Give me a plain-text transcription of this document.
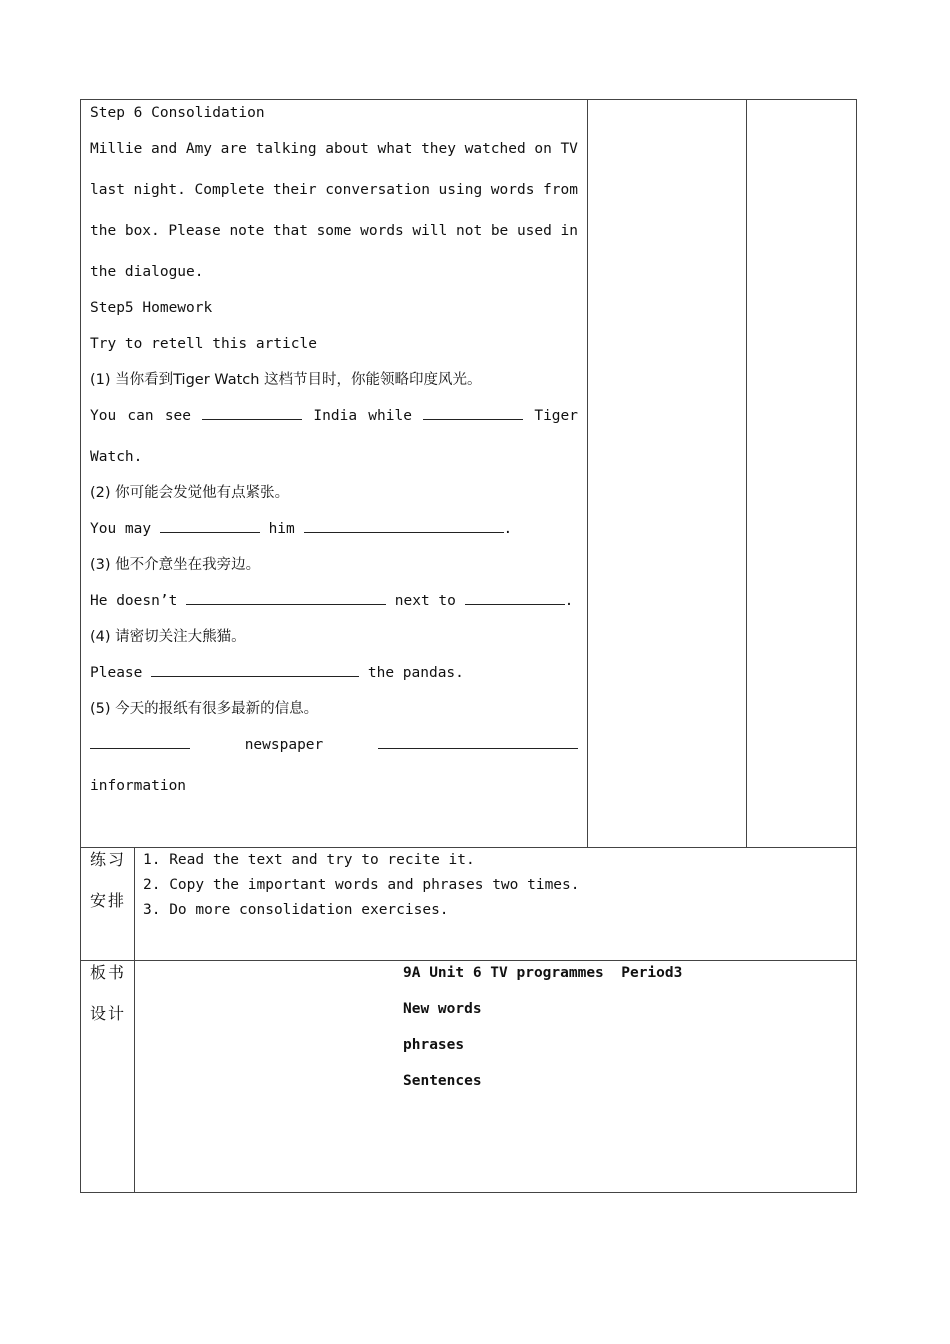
Step 6 Consolidation
Millie and Amy are talking about what they watched on TV
last night. Complete their conversation using words from
the box. Please note that some words will not be used in
the dialogue.
Step5 Homework
Try to retell this article
(1) 当你看到Tiger Watch 这档节目时，你能领略印度风光。
You can see	India while	Tiger
Watch.
(2) 你可能会发觉他有点紧张。
You may	him	.
(3) 他不介意坐在我旁边。
He doesn’t	next to	.
(4) 请密切关注大熊猫。
Please	the pandas.
(5) 今天的报纸有很多最新的信息。
newspaper
information
练习
安排
1. Read the text and try to recite it.
2. Copy the important words and phrases two times.
3. Do more consolidation exercises.
板书
设计
9A Unit 6 TV programmes  Period3
New words
phrases
Sentences
